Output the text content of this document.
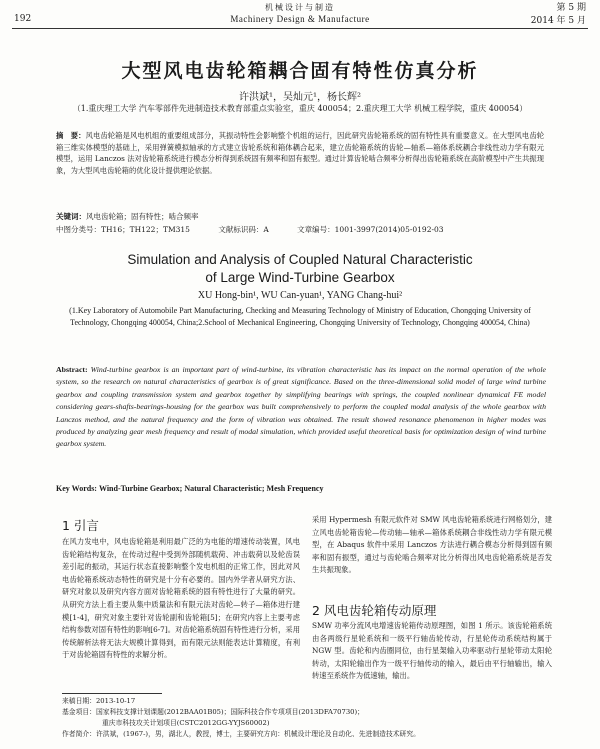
机械设计与制造
192	Machinery Design & Manufacture
第 5 期
2014 年 5 月
大型风电齿轮箱耦合固有特性仿真分析
许洪斌¹，吴灿元¹，杨长辉²
（1.重庆理工大学 汽车零部件先进制造技术教育部重点实验室，重庆 400054；2.重庆理工大学 机械工程学院，重庆 400054）
摘　要：风电齿轮箱是风电机组的重要组成部分，其振动特性会影响整个机组的运行，因此研究齿轮箱系统的固有特性具有重要意义。在大型风电齿轮箱三维实体模型的基础上，采用弹簧模拟轴承的方式建立齿轮系统和箱体耦合起来，建立齿轮箱系统的齿轮—轴系—箱体系统耦合非线性动力学有限元模型，运用 Lanczos 法对齿轮箱系统进行模态分析得到系统固有频率和固有振型。通过计算齿轮啮合频率分析得出齿轮箱系统在高阶模型中产生共振现象，为大型风电齿轮箱的优化设计提供理论依据。
关键词：风电齿轮箱；固有特性；啮合频率
中图分类号：TH16；TH122；TM315	文献标识码：A	文章编号：1001-3997(2014)05-0192-03
Simulation and Analysis of Coupled Natural Characteristic
of Large Wind-Turbine Gearbox
XU Hong-bin¹, WU Can-yuan¹, YANG Chang-hui²
(1.Key Laboratory of Automobile Part Manufacturing, Checking and Measuring Technology of Ministry of Education, Chongqing University of Technology, Chongqing 400054, China;2.School of Mechanical Engineering, Chongqing University of Technology, Chongqing 400054, China)
Abstract: Wind-turbine gearbox is an important part of wind-turbine, its vibration characteristic has its impact on the normal operation of the whole system, so the research on natural characteristics of gearbox is of great significance. Based on the three-dimensional solid model of large wind turbine gearbox and coupling transmission system and gearbox together by simplifying bearings with springs, the coupled nonlinear dynamical FE model considering gears-shafts-bearings-housing for the gearbox was built comprehensively to perform the coupled modal analysis of the whole gearbox with Lanczos method, and the natural frequency and the form of vibration was obtained. The result showed resonance phenomenon in higher modes was produced by analyzing gear mesh frequency and result of modal simulation, which provided useful theoretical basis for optimization design of wind turbine gearbox system.
Key Words: Wind-Turbine Gearbox; Natural Characteristic; Mesh Frequency
1 引言
在风力发电中，风电齿轮箱是利用最广泛的为电能的增速传动装置，风电齿轮箱结构复杂，在传动过程中受到外部随机载荷、冲击载荷以及轮齿误差引起的振动，其运行状态直接影响整个发电机组的正常工作，因此对风电齿轮箱系统动态特性的研究是十分有必要的。国内外学者从研究方法、研究对象以及研究内容方面对齿轮箱系统的固有特性进行了大量的研究。从研究方法上看主要从集中质量法和有限元法对齿轮—转子—箱体进行建模[1-4]，研究对象主要针对齿轮副和齿轮箱[5]；在研究内容上主要考虑结构参数对固有特性的影响[6-7]。对齿轮箱系统固有特性进行分析，采用传统解析法将无法大规模计算得到，而有限元法则能表达计算精度，有利于对齿轮箱固有特性的求解分析。
采用 Hypermesh 有限元软件对 SMW 风电齿轮箱系统进行网格划分，建立风电齿轮箱齿轮—传动轴—轴承—箱体系统耦合非线性动力学有限元模型，在 Abaqus 软件中采用 Lanczos 方法进行耦合模态分析得到固有频率和固有振型，通过与齿轮啮合频率对比分析得出风电齿轮箱系统是否发生共振现象。
2 风电齿轮箱传动原理
SMW 功率分流风电增速齿轮箱传动原理图，如图 1 所示。该齿轮箱系统由各两级行星轮系统和一级平行轴齿轮传动，行星轮传动系统结构属于 NGW 型。齿轮和内齿圈同位，由行星架输入功率驱动行星轮带动太阳轮转动，太阳轮输出作为一级平行轴传动的输入，最后由平行轴输出，输入转速至系统作为低速轴，输出。
来稿日期：2013-10-17
基金项目：国家科技支撑计划课题(2012BAA01B05)；国际科技合作专项项目(2013DFA70730)；
重庆市科技攻关计划项目(CSTC2012GG-YYJS60002)
作者简介：许洪斌，(1967-)，男，湖北人，教授，博士，主要研究方向：机械设计理论及自动化、先进制造技术研究。
